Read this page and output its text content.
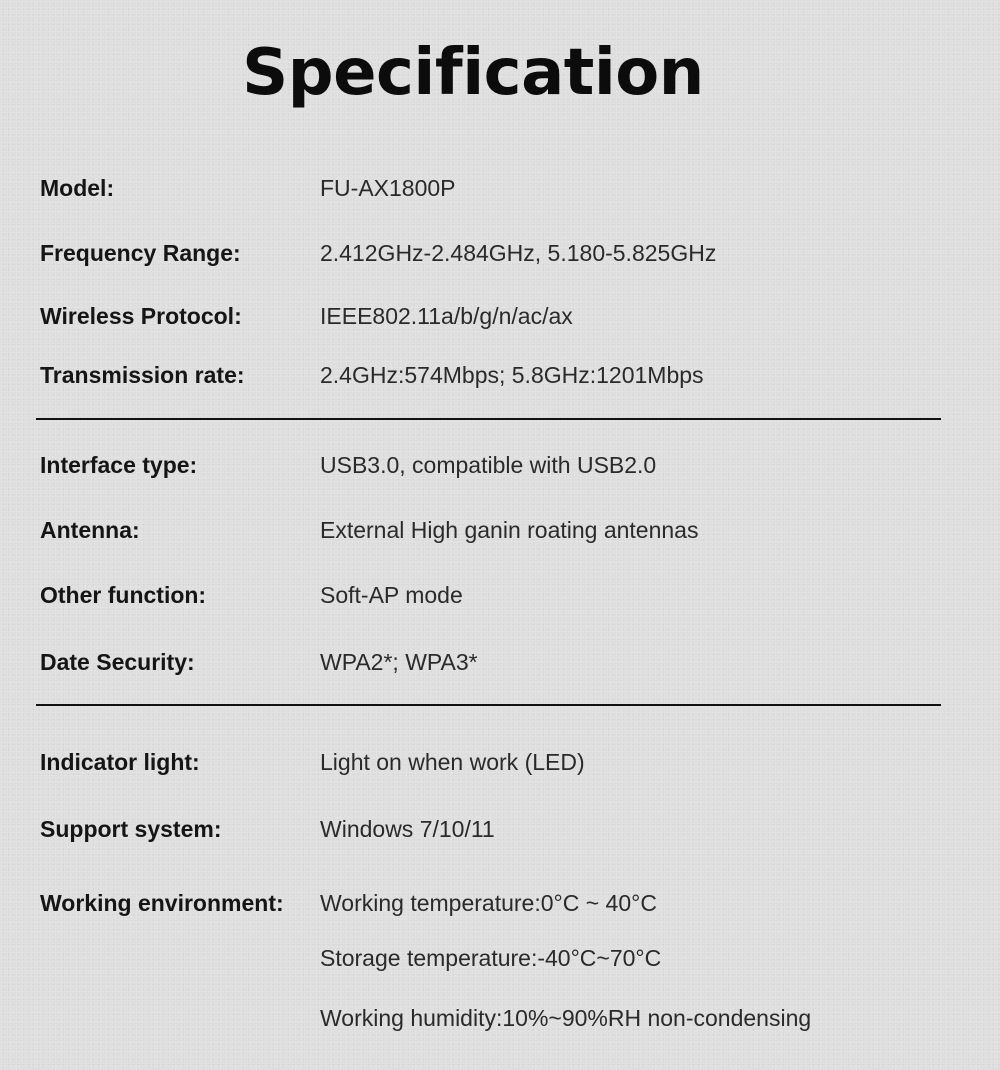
Specification
Model:	FU-AX1800P
Frequency Range:	2.412GHz-2.484GHz, 5.180-5.825GHz
Wireless Protocol:	IEEE802.11a/b/g/n/ac/ax
Transmission rate:	2.4GHz:574Mbps; 5.8GHz:1201Mbps
Interface type:	USB3.0, compatible with USB2.0
Antenna:	External High ganin roating antennas
Other function:	Soft-AP mode
Date Security:	WPA2*; WPA3*
Indicator light:	Light on when work (LED)
Support system:	Windows 7/10/11
Working environment: Working temperature:0°C ~ 40°C
Storage temperature:-40°C~70°C
Working humidity:10%~90%RH non-condensing
